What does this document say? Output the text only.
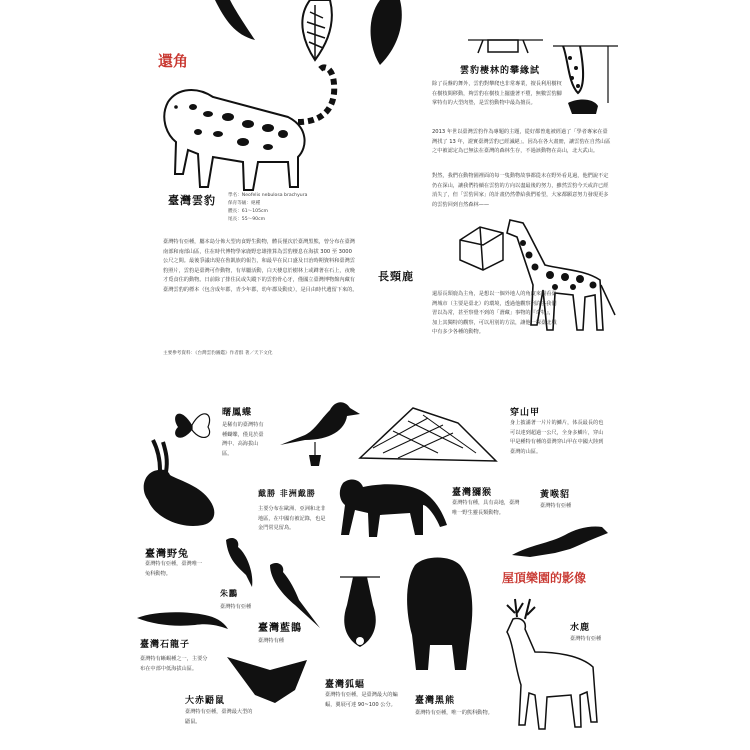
還角
臺灣雲豹	學名：Neofelis nebulosa brachyura
保育等級：絕種
體長：61～105cm
尾長：55～90cm
臺灣特有亞種，屬本島分佈大型肉食野生動物，體長僅次於臺灣黑熊，曾分布在臺灣南部和南部山區，住在時代博物學家鹿野忠雄推算為雲豹棲息在海拔 300 至 3000 公尺之間。最後爭議出現在魯凱族的報告，和最早在民口盛及日治時期資料和臺灣雲豹照片，雲豹是臺灣可作動物，有草屬活動，白天棲息於樹林上或蹲著在石上，夜晚才覓食住的動物。日前除了排住民或失蹤下的雲豹骨心牙，僅國立臺灣博物館內藏有臺灣雲豹的標本（包含成年郡，青少年郡，幼年郡及動皮），是目由時代遺留下來的。
主要參考資料：《台灣雲豹圖鑑》作者群 著／天下文化
雲豹棲林的攀緣試
除了長盤的舞外，雲豹對攀爬也非常專業，擅長利用樹杈在樹枝間移動，夠雲豹在樹枝上擺盪著不墮，無數雲豹腳掌特有的大型肉墊，是雲豹動物中最為擅長。
2013 年世以臺灣雲豹作為專題的主題，從好都曾進被經過了「學者專家在臺灣找了 13 年，證實臺灣雲豹已經滅絕」。因為在各大畫冊，讓雲豹在自然山區之中被認定為已無法在臺灣的森林生存，不過該動物在高山，北大武山。
對然，我們在動物園裡面的每一隻動物故事都從未在野外看見過，他們說不定仍在深山，讓我們持續在雲豹的方向以盡最後的努力，雖然雲豹今天或許已經消失了，但「雲豹回家」的計畫仍然帶給我們希望，大家都願意努力發現更多的雲豹回到自然森林——
長頸鹿
還原長頸鹿為主角，是想以一個外地人的角度來觀看臺灣城市（主要是臺北）的環境，透過他觀察到許多我們習以為常，甚至察覺不到的「潛藏」事物的『奇特』，加上其獨特的觀察，可以用別的方法，讓他一探臺北城中有多少各種的動物。
屋頂樂園的影像
曙鳳蝶
是稀有的臺灣特有種蝴蝶，僅見於臺灣中、高海拔山區。
戴勝 非洲戴勝
主要分布在歐洲、亞洲和北非地區，在中國有被記錄，也是金門常見留鳥。
穿山甲
身上披滿著一片片的鱗片，体長最長的也可以達到超過一公尺，全身多鱗片，穿山甲是種特有種的臺灣穿山甲在中國大陸到臺灣的山區。
臺灣野兔
臺灣特有亞種，臺灣唯一兔科動物。
朱鸝
臺灣特有亞種
臺灣藍鵲
臺灣特有種
臺灣獼猴
臺灣特有種，具有高地，臺灣唯一野生靈長類動物。
黃喉貂
臺灣特有亞種
臺灣石龍子
臺灣特有蜥蜴種之一，主要分布在中部中低海拔山區。
大赤鼯鼠
臺灣特有亞種，臺灣最大型的鼯鼠。
臺灣狐蝠
臺灣特有亞種，是臺灣最大的蝙蝠，翼展可達 90~100 公分。	臺灣黑熊
臺灣特有亞種，唯一的熊科動物。
水鹿
臺灣特有亞種
